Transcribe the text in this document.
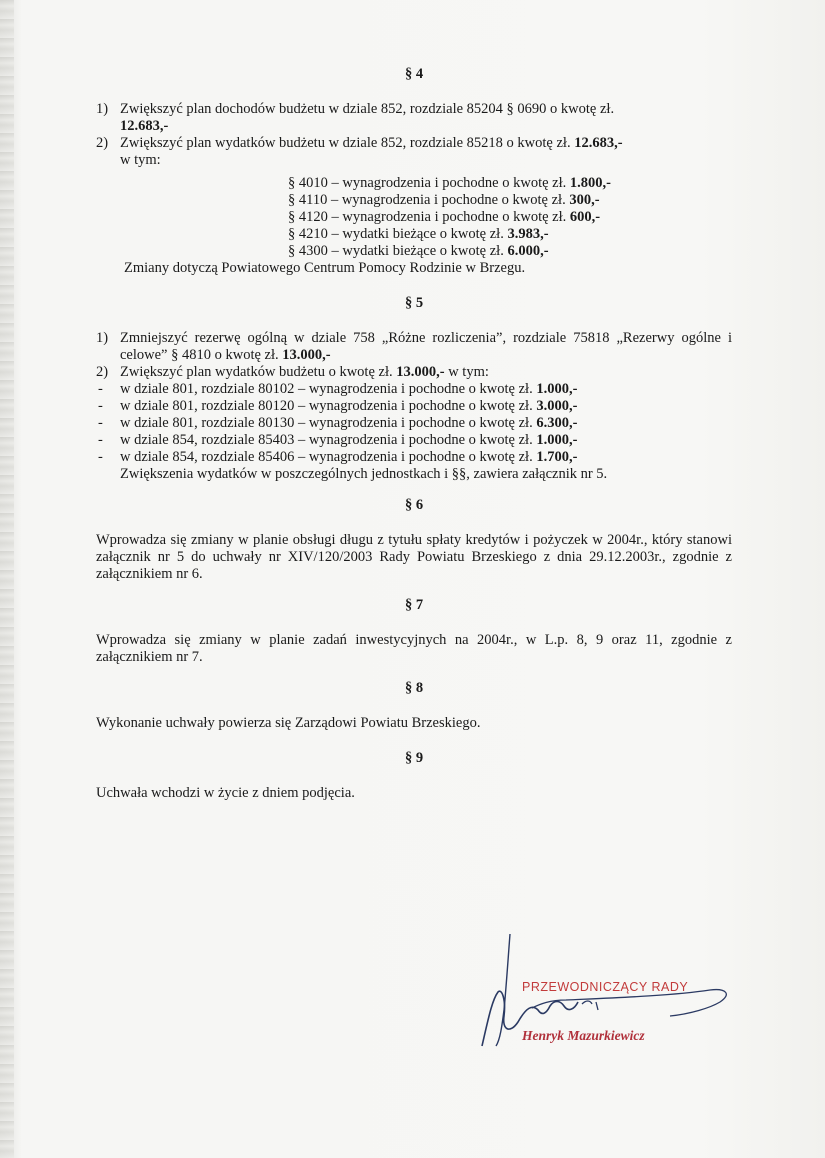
§ 4

1) Zwiększyć plan dochodów budżetu w dziale 852, rozdziale 85204 § 0690 o kwotę zł.
12.683,-
2) Zwiększyć plan wydatków budżetu w dziale 852, rozdziale 85218 o kwotę zł. 12.683,-
w tym:
§ 4010 – wynagrodzenia i pochodne o kwotę zł. 1.800,-
§ 4110 – wynagrodzenia i pochodne o kwotę zł. 300,-
§ 4120 – wynagrodzenia i pochodne o kwotę zł. 600,-
§ 4210 – wydatki bieżące o kwotę zł. 3.983,-
§ 4300 – wydatki bieżące o kwotę zł. 6.000,-
Zmiany dotyczą Powiatowego Centrum Pomocy Rodzinie w Brzegu.

§ 5

1) Zmniejszyć rezerwę ogólną w dziale 758 „Różne rozliczenia”, rozdziale 75818 „Rezerwy ogólne i celowe” § 4810 o kwotę zł. 13.000,-
2) Zwiększyć plan wydatków budżetu o kwotę zł. 13.000,- w tym:
-	w dziale 801, rozdziale 80102 – wynagrodzenia i pochodne o kwotę zł. 1.000,-
-	w dziale 801, rozdziale 80120 – wynagrodzenia i pochodne o kwotę zł. 3.000,-
-	w dziale 801, rozdziale 80130 – wynagrodzenia i pochodne o kwotę zł. 6.300,-
-	w dziale 854, rozdziale 85403 – wynagrodzenia i pochodne o kwotę zł. 1.000,-
-	w dziale 854, rozdziale 85406 – wynagrodzenia i pochodne o kwotę zł. 1.700,-
Zwiększenia wydatków w poszczególnych jednostkach i §§, zawiera załącznik nr 5.

§ 6

Wprowadza się zmiany w planie obsługi długu z tytułu spłaty kredytów i pożyczek w 2004r., który stanowi załącznik nr 5 do uchwały nr XIV/120/2003 Rady Powiatu Brzeskiego z dnia 29.12.2003r., zgodnie z załącznikiem nr 6.

§ 7

Wprowadza się zmiany w planie zadań inwestycyjnych na 2004r., w L.p. 8, 9 oraz 11, zgodnie z załącznikiem nr 7.

§ 8

Wykonanie uchwały powierza się Zarządowi Powiatu Brzeskiego.

§ 9

Uchwała wchodzi w życie z dniem podjęcia.
PRZEWODNICZĄCY RADY
Henryk Mazurkiewicz
